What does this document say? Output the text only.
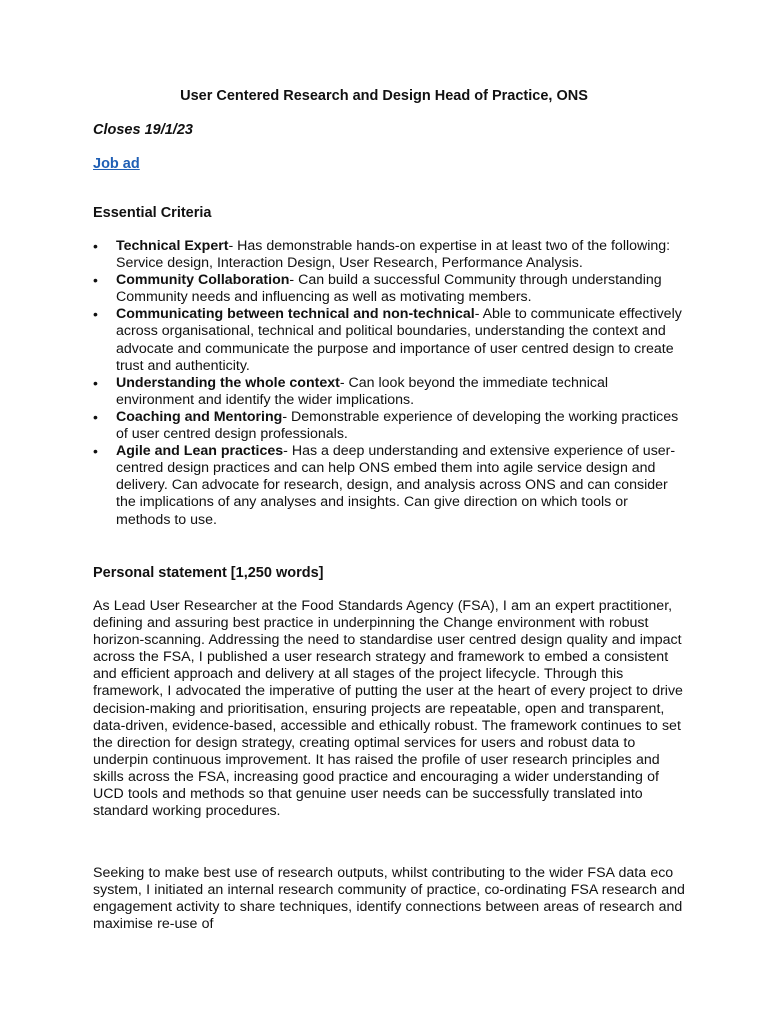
User Centered Research and Design Head of Practice, ONS
Closes 19/1/23
Job ad
Essential Criteria
• Technical Expert- Has demonstrable hands-on expertise in at least two of the following: Service design, Interaction Design, User Research, Performance Analysis.
• Community Collaboration- Can build a successful Community through understanding Community needs and influencing as well as motivating members.
• Communicating between technical and non-technical- Able to communicate effectively across organisational, technical and political boundaries, understanding the context and advocate and communicate the purpose and importance of user centred design to create trust and authenticity.
• Understanding the whole context- Can look beyond the immediate technical environment and identify the wider implications.
• Coaching and Mentoring- Demonstrable experience of developing the working practices of user centred design professionals.
• Agile and Lean practices- Has a deep understanding and extensive experience of user-centred design practices and can help ONS embed them into agile service design and delivery. Can advocate for research, design, and analysis across ONS and can consider the implications of any analyses and insights. Can give direction on which tools or methods to use.
Personal statement [1,250 words]

As Lead User Researcher at the Food Standards Agency (FSA), I am an expert practitioner, defining and assuring best practice in underpinning the Change environment with robust horizon-scanning. Addressing the need to standardise user centred design quality and impact across the FSA, I published a user research strategy and framework to embed a consistent and efficient approach and delivery at all stages of the project lifecycle. Through this framework, I advocated the imperative of putting the user at the heart of every project to drive decision-making and prioritisation, ensuring projects are repeatable, open and transparent, data-driven, evidence-based, accessible and ethically robust. The framework continues to set the direction for design strategy, creating optimal services for users and robust data to underpin continuous improvement. It has raised the profile of user research principles and skills across the FSA, increasing good practice and encouraging a wider understanding of UCD tools and methods so that genuine user needs can be successfully translated into standard working procedures.

Seeking to make best use of research outputs, whilst contributing to the wider FSA data eco system, I initiated an internal research community of practice, co-ordinating FSA research and engagement activity to share techniques, identify connections between areas of research and maximise re-use of
